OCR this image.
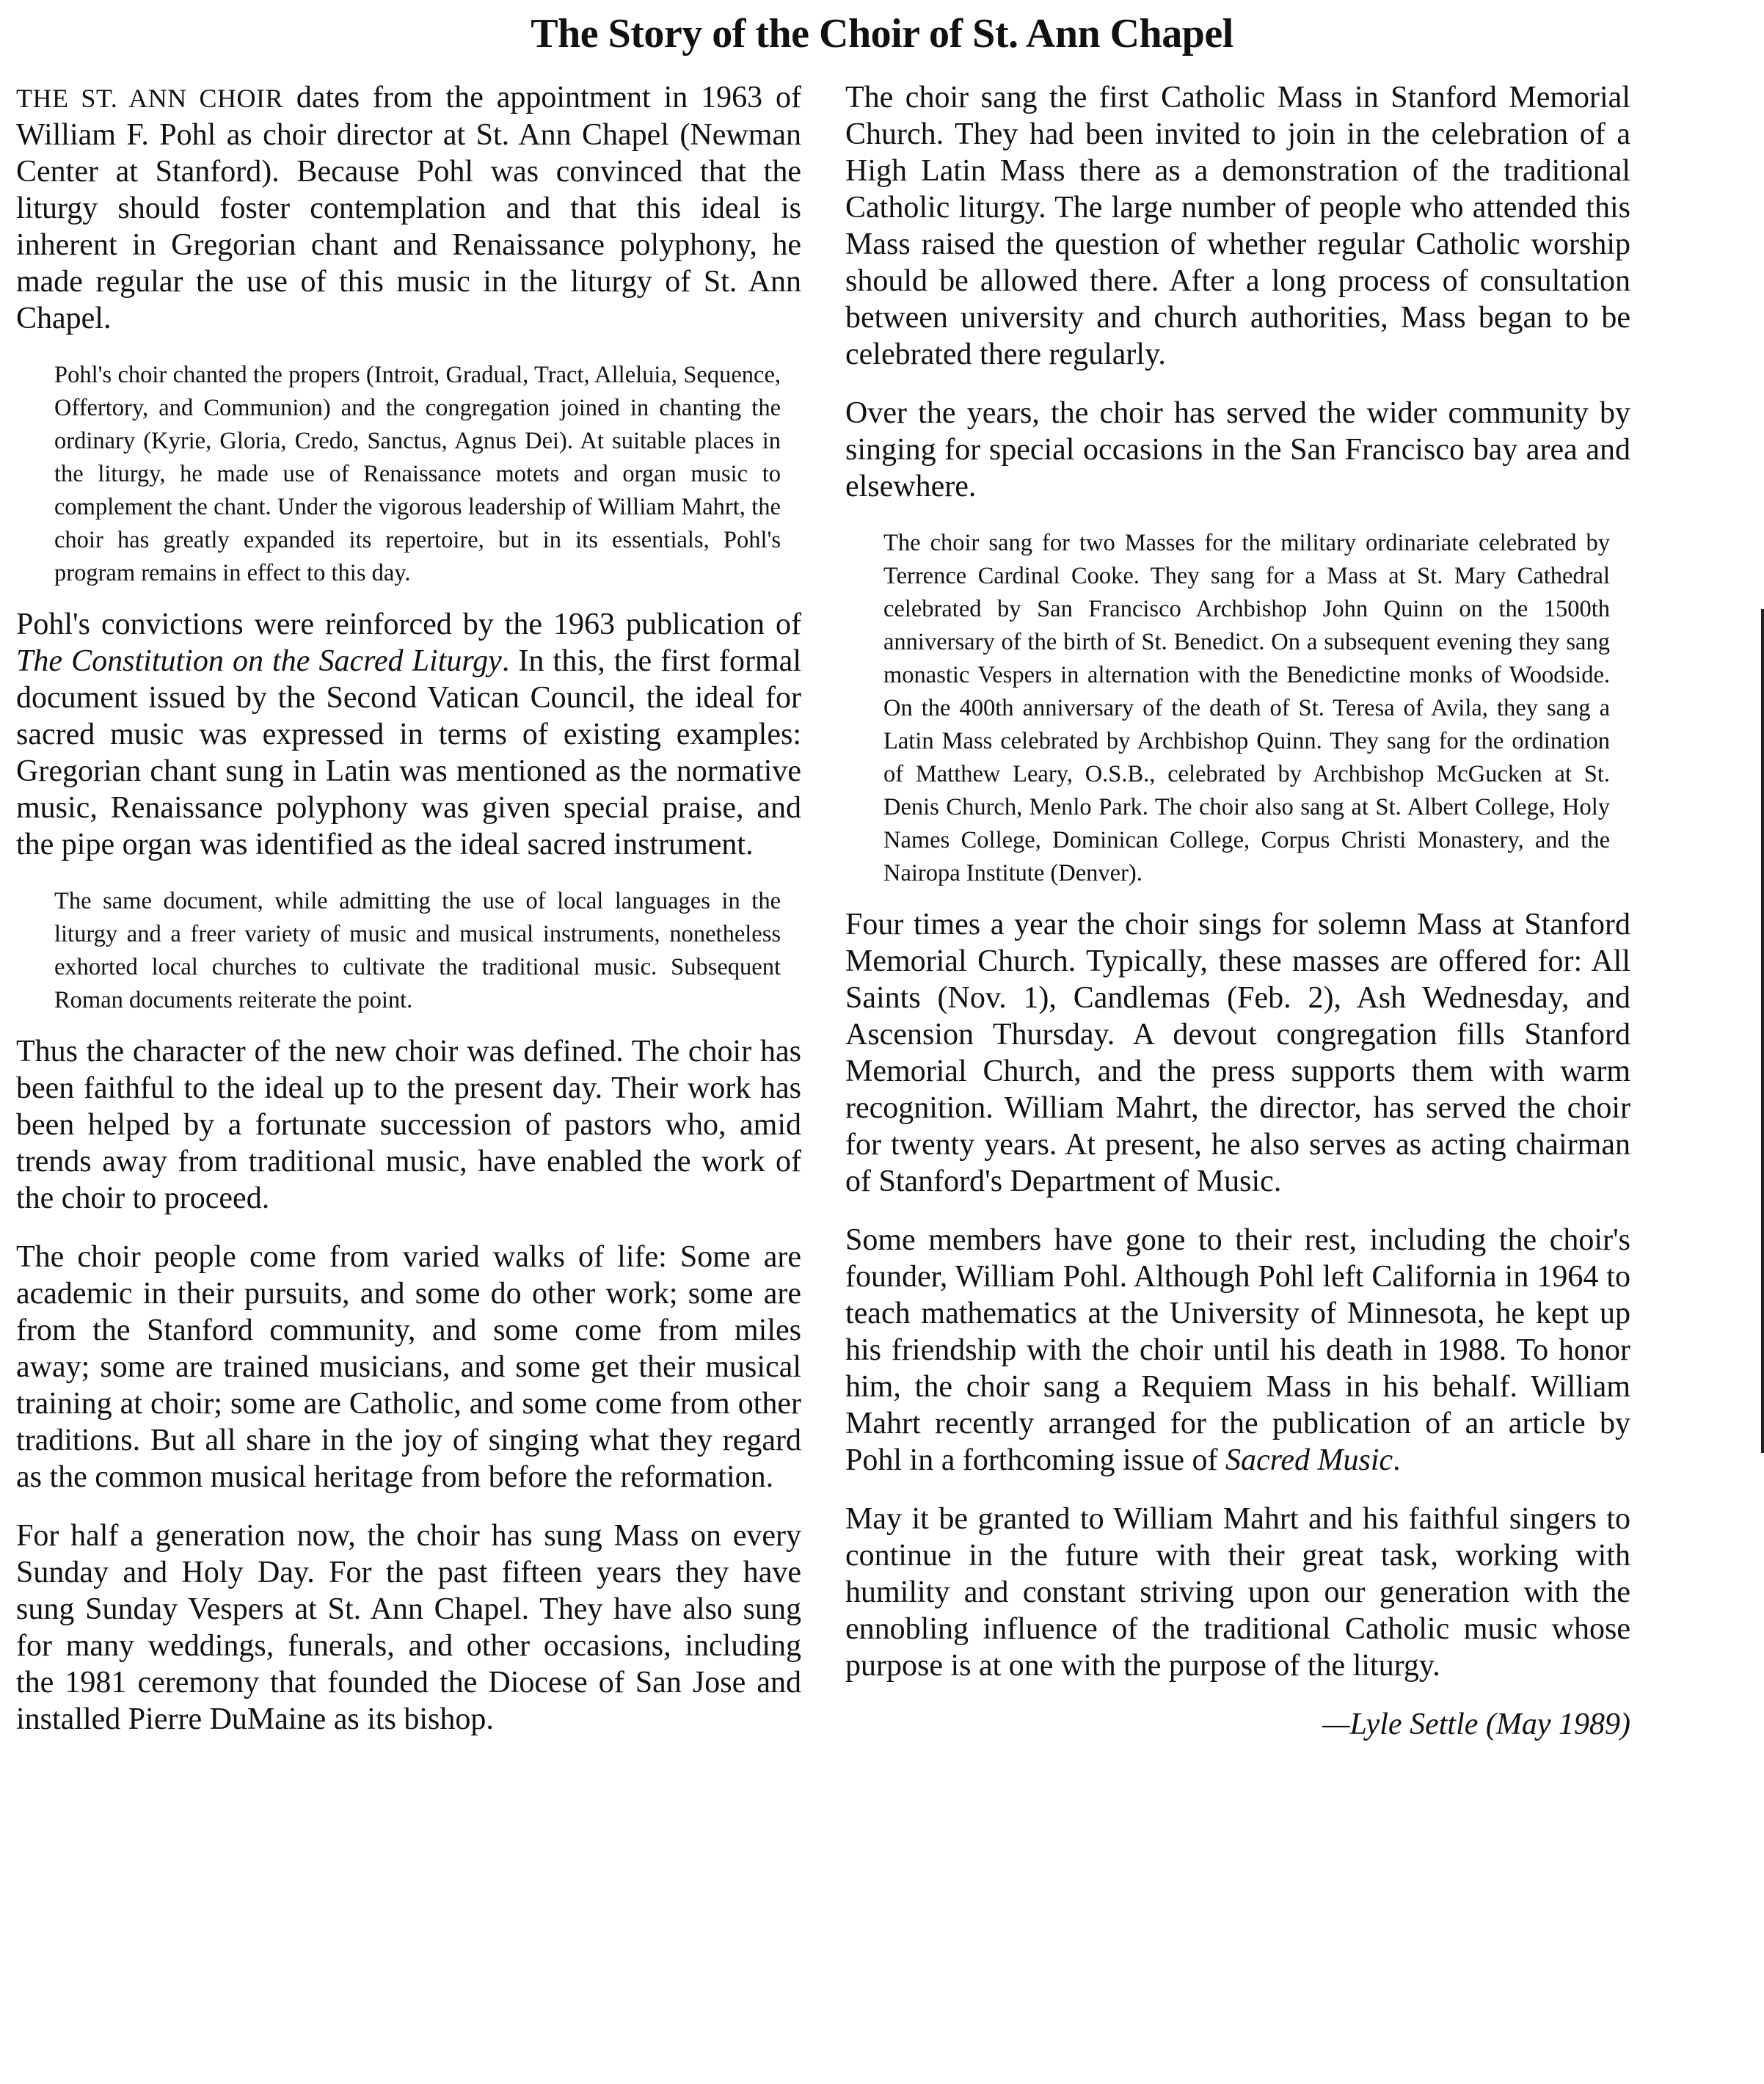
The Story of the Choir of St. Ann Chapel

THE ST. ANN CHOIR dates from the appointment in 1963 of William F. Pohl as choir director at St. Ann Chapel (Newman Center at Stanford). Because Pohl was convinced that the liturgy should foster contemplation and that this ideal is inherent in Gregorian chant and Renaissance polyphony, he made regular the use of this music in the liturgy of St. Ann Chapel.

Pohl's choir chanted the propers (Introit, Gradual, Tract, Alleluia, Sequence, Offertory, and Communion) and the congregation joined in chanting the ordinary (Kyrie, Gloria, Credo, Sanctus, Agnus Dei). At suitable places in the liturgy, he made use of Renaissance motets and organ music to complement the chant. Under the vigorous leadership of William Mahrt, the choir has greatly expanded its repertoire, but in its essentials, Pohl's program remains in effect to this day.

Pohl's convictions were reinforced by the 1963 publication of The Constitution on the Sacred Liturgy. In this, the first formal document issued by the Second Vatican Council, the ideal for sacred music was expressed in terms of existing examples: Gregorian chant sung in Latin was mentioned as the normative music, Renaissance polyphony was given special praise, and the pipe organ was identified as the ideal sacred instrument.

The same document, while admitting the use of local languages in the liturgy and a freer variety of music and musical instruments, nonetheless exhorted local churches to cultivate the traditional music. Subsequent Roman documents reiterate the point.

Thus the character of the new choir was defined. The choir has been faithful to the ideal up to the present day. Their work has been helped by a fortunate succession of pastors who, amid trends away from traditional music, have enabled the work of the choir to proceed.

The choir people come from varied walks of life: Some are academic in their pursuits, and some do other work; some are from the Stanford community, and some come from miles away; some are trained musicians, and some get their musical training at choir; some are Catholic, and some come from other traditions. But all share in the joy of singing what they regard as the common musical heritage from before the reformation.

For half a generation now, the choir has sung Mass on every Sunday and Holy Day. For the past fifteen years they have sung Sunday Vespers at St. Ann Chapel. They have also sung for many weddings, funerals, and other occasions, including the 1981 ceremony that founded the Diocese of San Jose and installed Pierre DuMaine as its bishop.

The choir sang the first Catholic Mass in Stanford Memorial Church. They had been invited to join in the celebration of a High Latin Mass there as a demonstration of the traditional Catholic liturgy. The large number of people who attended this Mass raised the question of whether regular Catholic worship should be allowed there. After a long process of consultation between university and church authorities, Mass began to be celebrated there regularly.

Over the years, the choir has served the wider community by singing for special occasions in the San Francisco bay area and elsewhere.

The choir sang for two Masses for the military ordinariate celebrated by Terrence Cardinal Cooke. They sang for a Mass at St. Mary Cathedral celebrated by San Francisco Archbishop John Quinn on the 1500th anniversary of the birth of St. Benedict. On a subsequent evening they sang monastic Vespers in alternation with the Benedictine monks of Woodside. On the 400th anniversary of the death of St. Teresa of Avila, they sang a Latin Mass celebrated by Archbishop Quinn. They sang for the ordination of Matthew Leary, O.S.B., celebrated by Archbishop McGucken at St. Denis Church, Menlo Park. The choir also sang at St. Albert College, Holy Names College, Dominican College, Corpus Christi Monastery, and the Nairopa Institute (Denver).

Four times a year the choir sings for solemn Mass at Stanford Memorial Church. Typically, these masses are offered for: All Saints (Nov. 1), Candlemas (Feb. 2), Ash Wednesday, and Ascension Thursday. A devout congregation fills Stanford Memorial Church, and the press supports them with warm recognition. William Mahrt, the director, has served the choir for twenty years. At present, he also serves as acting chairman of Stanford's Department of Music.

Some members have gone to their rest, including the choir's founder, William Pohl. Although Pohl left California in 1964 to teach mathematics at the University of Minnesota, he kept up his friendship with the choir until his death in 1988. To honor him, the choir sang a Requiem Mass in his behalf. William Mahrt recently arranged for the publication of an article by Pohl in a forthcoming issue of Sacred Music.

May it be granted to William Mahrt and his faithful singers to continue in the future with their great task, working with humility and constant striving upon our generation with the ennobling influence of the traditional Catholic music whose purpose is at one with the purpose of the liturgy.

—Lyle Settle (May 1989)
